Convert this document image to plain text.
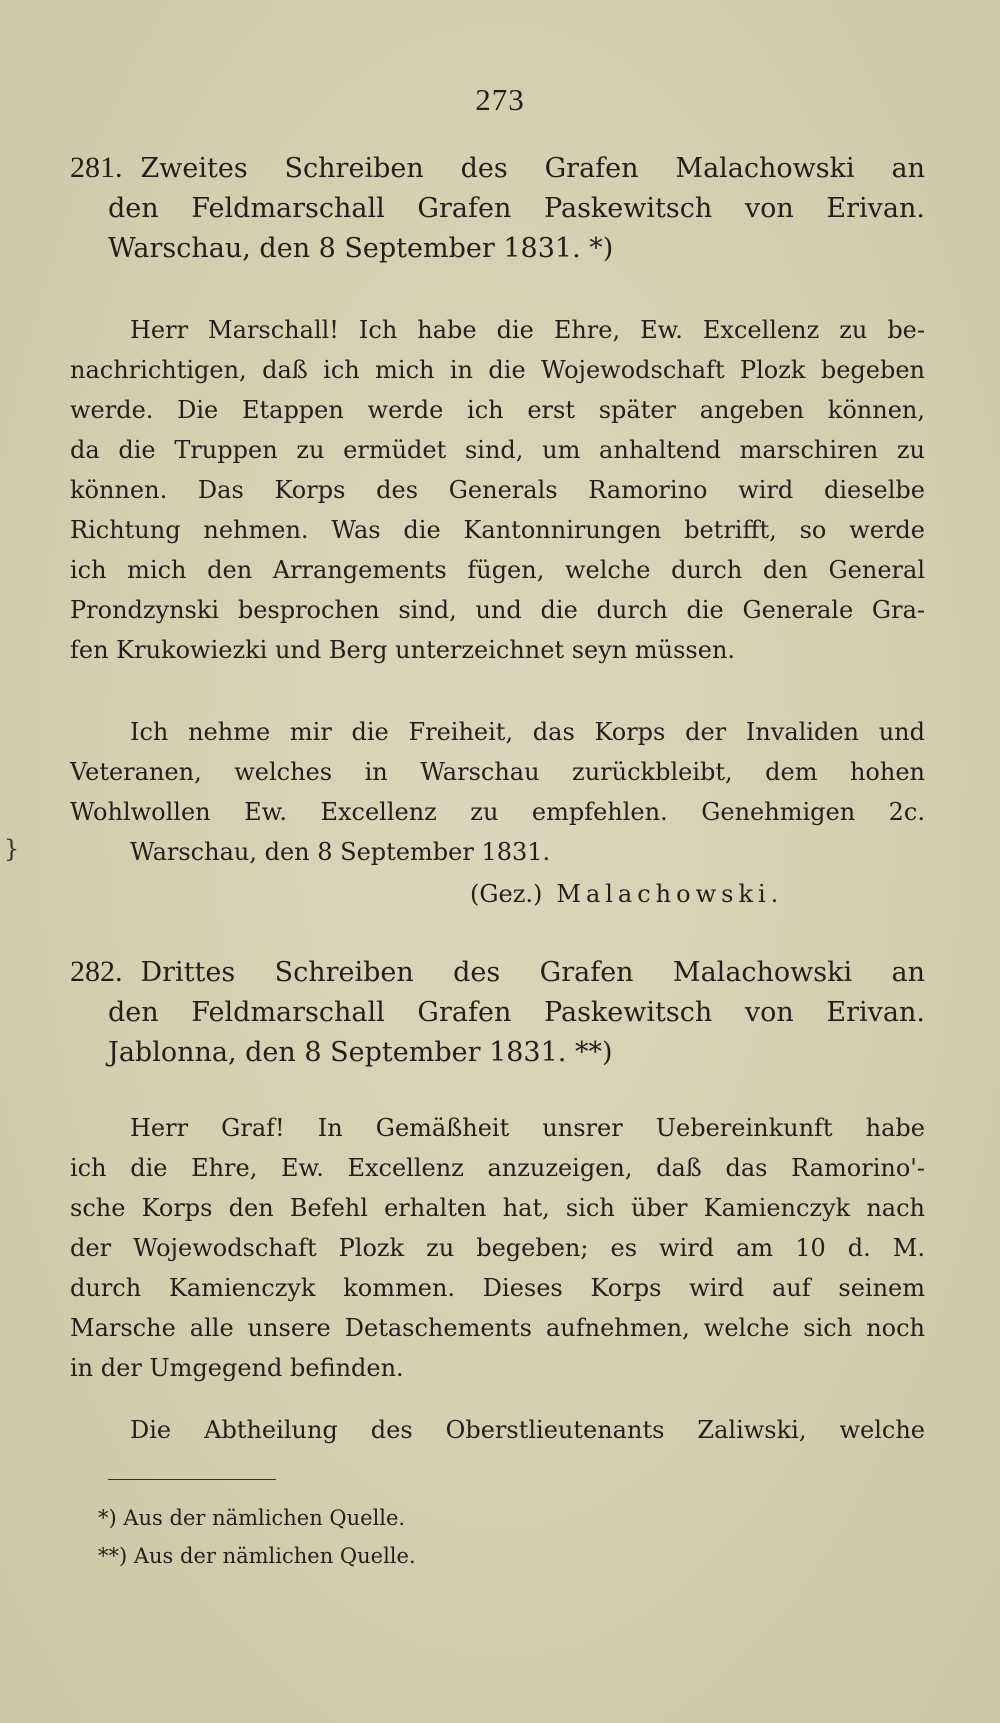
273
281. Zweites Schreiben des Grafen Malachowski an
den Feldmarschall Grafen Paskewitsch von Erivan.
Warschau, den 8 September 1831. *)
Herr Marschall! Ich habe die Ehre, Ew. Excellenz zu be-
nachrichtigen, daß ich mich in die Wojewodschaft Plozk begeben
werde. Die Etappen werde ich erst später angeben können,
da die Truppen zu ermüdet sind, um anhaltend marschiren zu
können. Das Korps des Generals Ramorino wird dieselbe
Richtung nehmen. Was die Kantonnirungen betrifft, so werde
ich mich den Arrangements fügen, welche durch den General
Prondzynski besprochen sind, und die durch die Generale Gra-
fen Krukowiezki und Berg unterzeichnet seyn müssen.
Ich nehme mir die Freiheit, das Korps der Invaliden und
Veteranen, welches in Warschau zurückbleibt, dem hohen
Wohlwollen Ew. Excellenz zu empfehlen. Genehmigen 2c.
Warschau, den 8 September 1831.
(Gez.) Malachowski.
282. Drittes Schreiben des Grafen Malachowski an
den Feldmarschall Grafen Paskewitsch von Erivan.
Jablonna, den 8 September 1831. **)
Herr Graf! In Gemäßheit unsrer Uebereinkunft habe
ich die Ehre, Ew. Excellenz anzuzeigen, daß das Ramorino'-
sche Korps den Befehl erhalten hat, sich über Kamienczyk nach
der Wojewodschaft Plozk zu begeben; es wird am 10 d. M.
durch Kamienczyk kommen. Dieses Korps wird auf seinem
Marsche alle unsere Detaschements aufnehmen, welche sich noch
in der Umgegend befinden.
Die Abtheilung des Oberstlieutenants Zaliwski, welche
*) Aus der nämlichen Quelle.
**) Aus der nämlichen Quelle.
}
